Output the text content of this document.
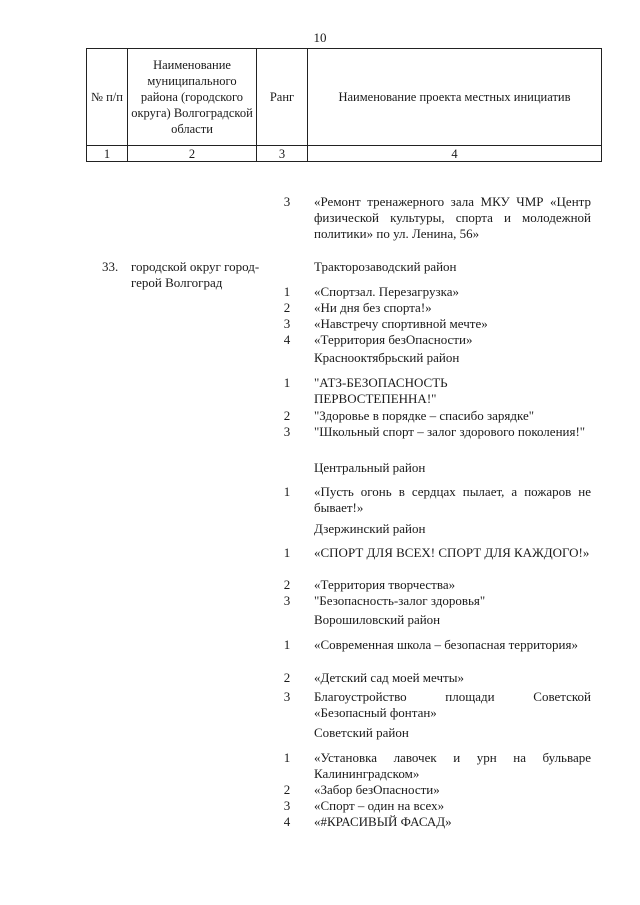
10
№ п/п	Наименование муниципального района (городского округа) Волгоградской области	Ранг	Наименование проекта местных инициатив
1	2	3	4
33. городской округ город-герой Волгоград
3 «Ремонт тренажерного зала МКУ ЧМР «Центр физической культуры, спорта и молодежной политики» по ул. Ленина, 56»
Тракторозаводский район
1 «Спортзал. Перезагрузка»
2 «Ни дня без спорта!»
3 «Навстречу спортивной мечте»
4 «Территория безОпасности»
Краснооктябрьский район
1 "АТЗ-БЕЗОПАСНОСТЬ ПЕРВОСТЕПЕННА!"
2 "Здоровье в порядке – спасибо зарядке"
3 "Школьный спорт – залог здорового поколения!"
Центральный район
1 «Пусть огонь в сердцах пылает, а пожаров не бывает!»
Дзержинский район
1 «СПОРТ ДЛЯ ВСЕХ! СПОРТ ДЛЯ КАЖДОГО!»
2 «Территория творчества»
3 "Безопасность-залог здоровья"
Ворошиловский район
1 «Современная школа – безопасная территория»
2 «Детский сад моей мечты»
3 Благоустройство площади Советской «Безопасный фонтан»
Советский район
1 «Установка лавочек и урн на бульваре Калининградском»
2 «Забор безОпасности»
3 «Спорт – один на всех»
4 «#КРАСИВЫЙ ФАСАД»
